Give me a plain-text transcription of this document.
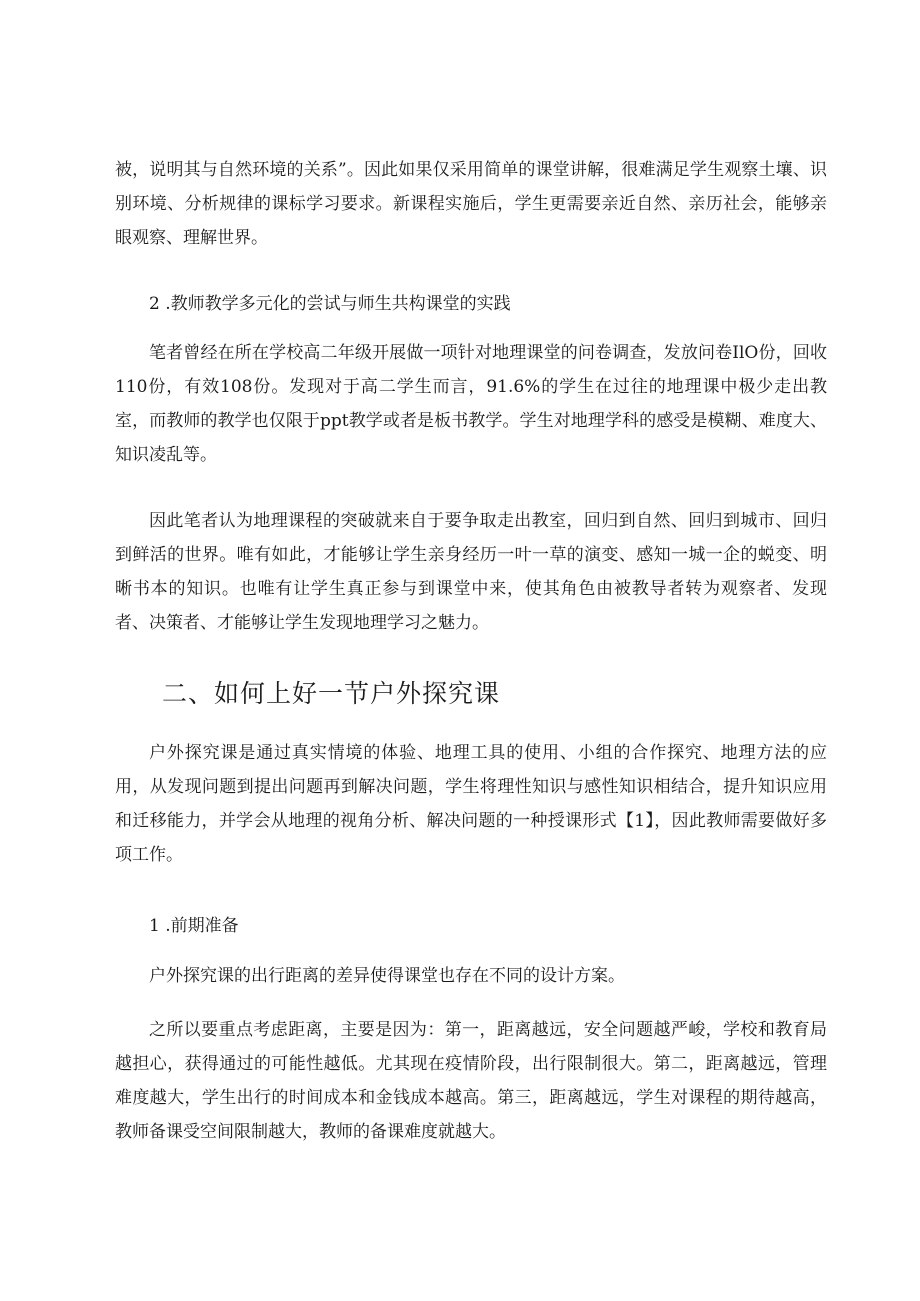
被，说明其与自然环境的关系”。因此如果仅采用简单的课堂讲解，很难满足学生观察土壤、识别环境、分析规律的课标学习要求。新课程实施后，学生更需要亲近自然、亲历社会，能够亲眼观察、理解世界。

2 .教师教学多元化的尝试与师生共构课堂的实践

笔者曾经在所在学校高二年级开展做一项针对地理课堂的问卷调查，发放问卷IlO份，回收110份，有效108份。发现对于高二学生而言，91.6%的学生在过往的地理课中极少走出教室，而教师的教学也仅限于ppt教学或者是板书教学。学生对地理学科的感受是模糊、难度大、知识凌乱等。

因此笔者认为地理课程的突破就来自于要争取走出教室，回归到自然、回归到城市、回归到鲜活的世界。唯有如此，才能够让学生亲身经历一叶一草的演变、感知一城一企的蜕变、明晰书本的知识。也唯有让学生真正参与到课堂中来，使其角色由被教导者转为观察者、发现者、决策者、才能够让学生发现地理学习之魅力。

二、如何上好一节户外探究课

户外探究课是通过真实情境的体验、地理工具的使用、小组的合作探究、地理方法的应用，从发现问题到提出问题再到解决问题，学生将理性知识与感性知识相结合，提升知识应用和迁移能力，并学会从地理的视角分析、解决问题的一种授课形式【1】，因此教师需要做好多项工作。

1 .前期准备

户外探究课的出行距离的差异使得课堂也存在不同的设计方案。

之所以要重点考虑距离，主要是因为：第一，距离越远，安全问题越严峻，学校和教育局越担心，获得通过的可能性越低。尤其现在疫情阶段，出行限制很大。第二，距离越远，管理难度越大，学生出行的时间成本和金钱成本越高。第三，距离越远，学生对课程的期待越高，教师备课受空间限制越大，教师的备课难度就越大。
